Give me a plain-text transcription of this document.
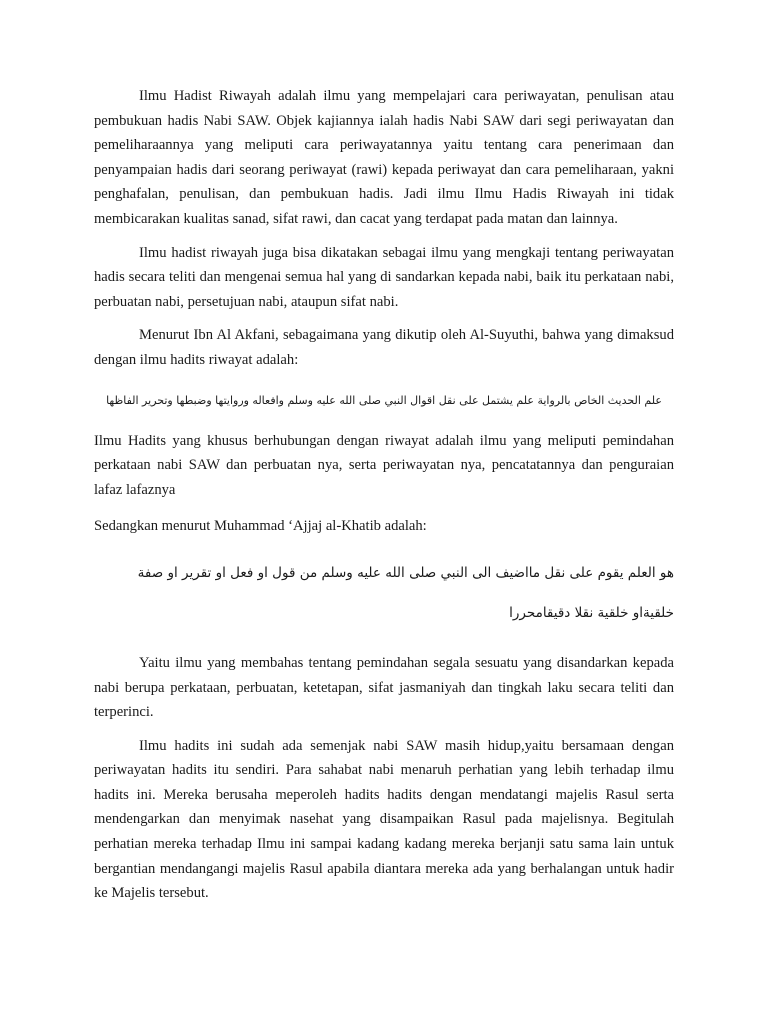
Ilmu Hadist Riwayah adalah ilmu yang mempelajari cara periwayatan, penulisan atau pembukuan hadis Nabi SAW. Objek kajiannya ialah hadis Nabi SAW dari segi periwayatan dan pemeliharaannya yang meliputi cara periwayatannya yaitu tentang cara penerimaan dan penyampaian hadis dari seorang periwayat (rawi) kepada periwayat dan cara pemeliharaan, yakni penghafalan, penulisan, dan pembukuan hadis. Jadi ilmu Ilmu Hadis Riwayah ini tidak membicarakan kualitas sanad, sifat rawi, dan cacat yang terdapat pada matan dan lainnya.

Ilmu hadist riwayah juga bisa dikatakan sebagai ilmu yang mengkaji tentang periwayatan hadis secara teliti dan mengenai semua hal yang di sandarkan kepada nabi, baik itu perkataan nabi, perbuatan nabi, persetujuan nabi, ataupun sifat nabi.

Menurut Ibn Al Akfani, sebagaimana yang dikutip oleh Al-Suyuthi, bahwa yang dimaksud dengan ilmu hadits riwayat adalah:

علم الحديث الخاص بالرواية علم يشتمل على نقل اقوال النبي صلى الله عليه وسلم وافعاله وروايتها وضبطها وتحرير الفاظها

Ilmu Hadits yang khusus berhubungan dengan riwayat adalah ilmu yang meliputi pemindahan perkataan nabi SAW dan perbuatan nya, serta periwayatan nya, pencatatannya dan penguraian lafaz lafaznya

Sedangkan menurut Muhammad ‘Ajjaj al-Khatib adalah:

هو العلم يقوم على نقل مااضيف الى النبي صلى الله عليه وسلم من قول او فعل او تقرير او صفة خلقيةاو خلقية نقلا دقيقامحررا

Yaitu ilmu yang membahas tentang pemindahan segala sesuatu yang disandarkan kepada nabi berupa perkataan, perbuatan, ketetapan, sifat jasmaniyah dan tingkah laku secara teliti dan terperinci.

Ilmu hadits ini sudah ada semenjak nabi SAW masih hidup,yaitu bersamaan dengan periwayatan hadits itu sendiri. Para sahabat nabi menaruh perhatian yang lebih terhadap ilmu hadits ini. Mereka berusaha meperoleh hadits hadits dengan mendatangi majelis Rasul serta mendengarkan dan menyimak nasehat yang disampaikan Rasul pada majelisnya. Begitulah perhatian mereka terhadap Ilmu ini sampai kadang kadang mereka berjanji satu sama lain untuk bergantian mendangangi majelis Rasul apabila diantara mereka ada yang berhalangan untuk hadir ke Majelis tersebut.
